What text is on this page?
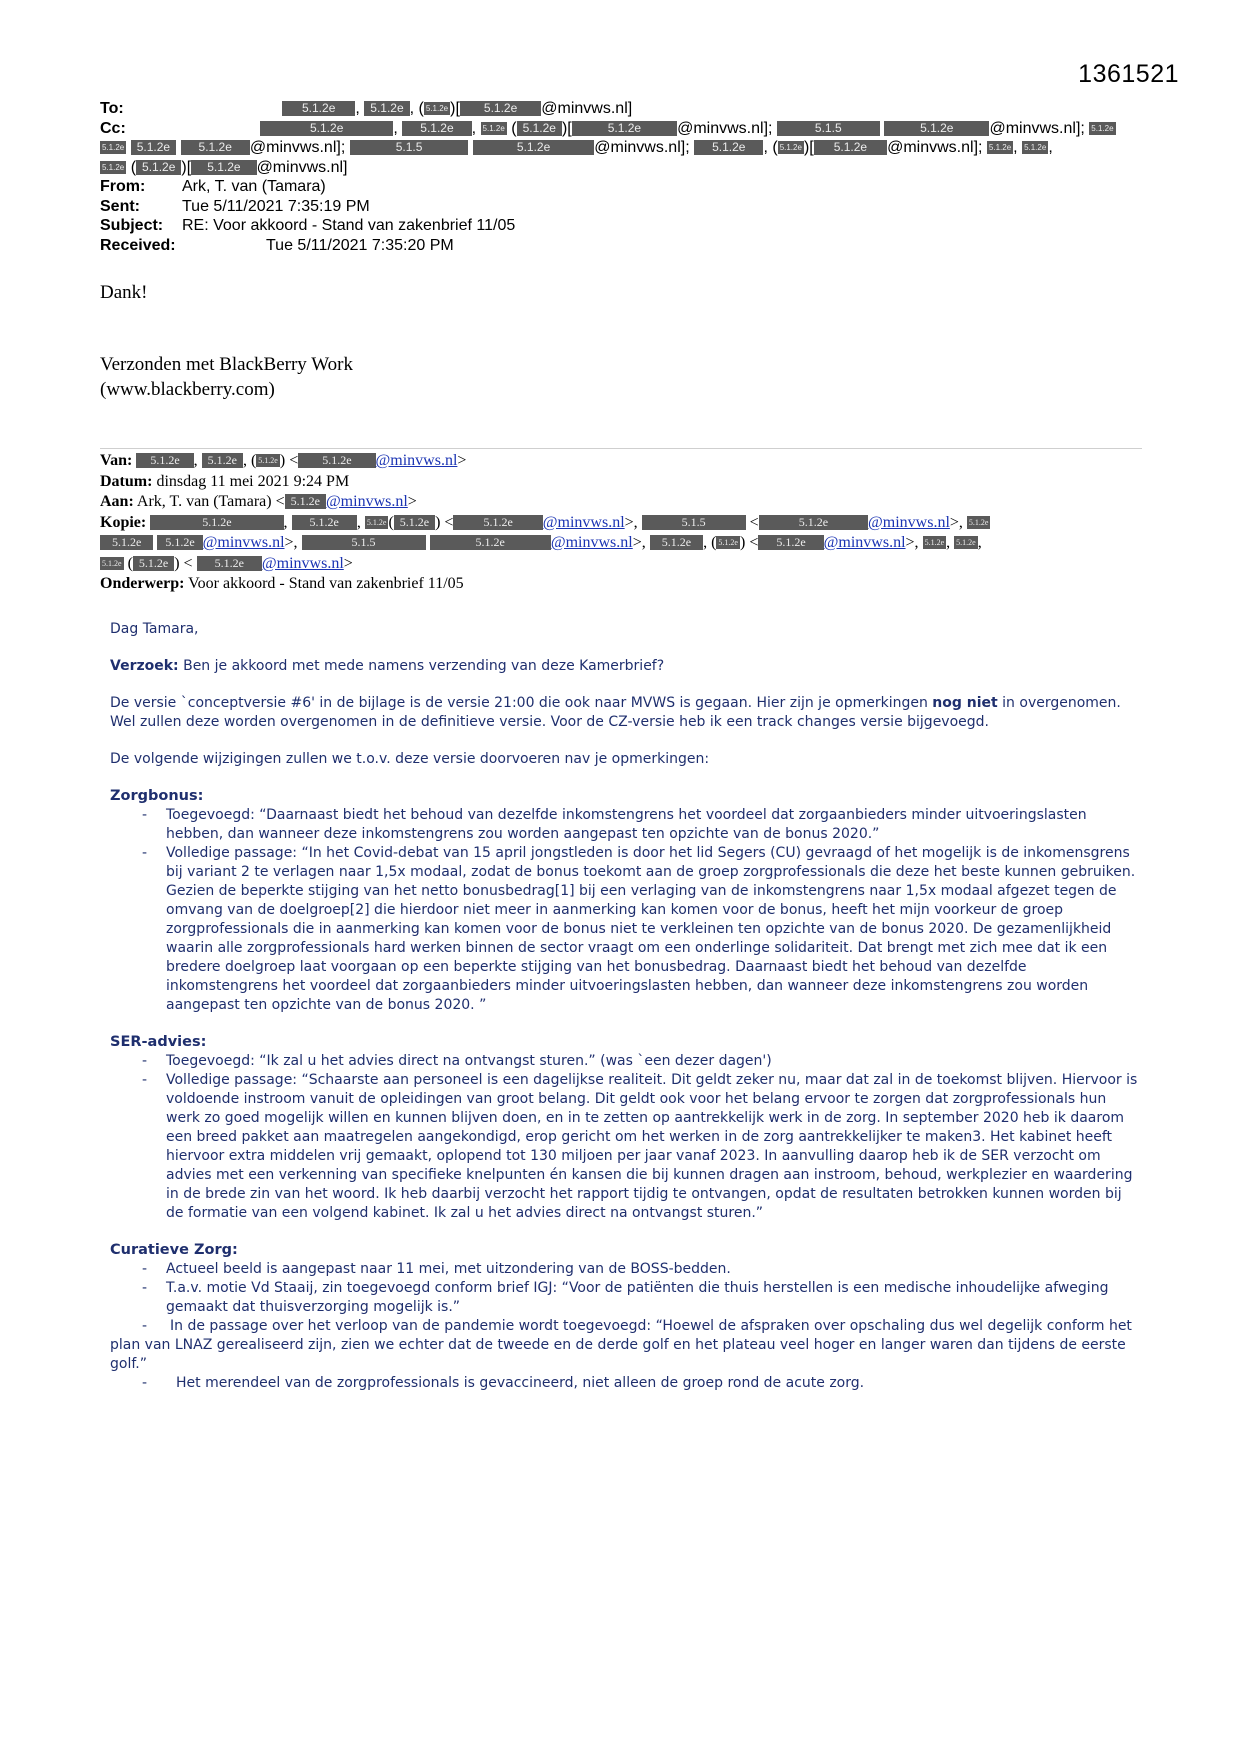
1361521
To:	5.1.2e , 5.1.2e , ( 5.1.2e )[ 5.1.2e @minvws.nl]
Cc:	5.1.2e	, 5.1.2e , 5.1.2e ( 5.1.2e )[	5.1.2e @minvws.nl];	5.1.5	5.1.2e @minvws.nl]; 5.1.2e
5.1.2e 5.1.2e 5.1.2e @minvws.nl];	5.1.5	5.1.2e	@minvws.nl]; 5.1.2e , ( 5.1.2e )[ 5.1.2e @minvws.nl]; 5.1.2e , 5.1.2e ,
5.1.2e ( 5.1.2e )[ 5.1.2e @minvws.nl]
From: Ark, T. van (Tamara)
Sent:	Tue 5/11/2021 7:35:19 PM
Subject: RE: Voor akkoord - Stand van zakenbrief 11/05
Received:	Tue 5/11/2021 7:35:20 PM
Dank!
Verzonden met BlackBerry Work
(www.blackberry.com)
Van: 5.1.2e , 5.1.2e , ( 5.1.2e ) < 5.1.2e @minvws.nl>
Datum: dinsdag 11 mei 2021 9:24 PM
Aan: Ark, T. van (Tamara) < 5.1.2e @minvws.nl>
Kopie:	5.1.2e	, 5.1.2e , 5.1.2e ( 5.1.2e ) <	5.1.2e @minvws.nl>,	5.1.5	<	5.1.2e	@minvws.nl>, 5.1.2e
5.1.2e 5.1.2e @minvws.nl>,	5.1.5	5.1.2e	@minvws.nl>, 5.1.2e , ( 5.1.2e ) < 5.1.2e @minvws.nl>, 5.1.2e , 5.1.2e ,
5.1.2e ( 5.1.2e ) < 5.1.2e @minvws.nl>
Onderwerp: Voor akkoord - Stand van zakenbrief 11/05

Dag Tamara,

Verzoek: Ben je akkoord met mede namens verzending van deze Kamerbrief?

De versie `conceptversie #6' in de bijlage is de versie 21:00 die ook naar MVWS is gegaan. Hier zijn je opmerkingen nog niet in overgenomen. Wel zullen deze worden overgenomen in de definitieve versie. Voor de CZ-versie heb ik een track changes versie bijgevoegd.

De volgende wijzigingen zullen we t.o.v. deze versie doorvoeren nav je opmerkingen:

Zorgbonus:
- Toegevoegd: “Daarnaast biedt het behoud van dezelfde inkomstengrens het voordeel dat zorgaanbieders minder uitvoeringslasten hebben, dan wanneer deze inkomstengrens zou worden aangepast ten opzichte van de bonus 2020.”
- Volledige passage: “In het Covid-debat van 15 april jongstleden is door het lid Segers (CU) gevraagd of het mogelijk is de inkomensgrens bij variant 2 te verlagen naar 1,5x modaal, zodat de bonus toekomt aan de groep zorgprofessionals die deze het beste kunnen gebruiken. Gezien de beperkte stijging van het netto bonusbedrag[1] bij een verlaging van de inkomstengrens naar 1,5x modaal afgezet tegen de omvang van de doelgroep[2] die hierdoor niet meer in aanmerking kan komen voor de bonus, heeft het mijn voorkeur de groep zorgprofessionals die in aanmerking kan komen voor de bonus niet te verkleinen ten opzichte van de bonus 2020. De gezamenlijkheid waarin alle zorgprofessionals hard werken binnen de sector vraagt om een onderlinge solidariteit. Dat brengt met zich mee dat ik een bredere doelgroep laat voorgaan op een beperkte stijging van het bonusbedrag. Daarnaast biedt het behoud van dezelfde inkomstengrens het voordeel dat zorgaanbieders minder uitvoeringslasten hebben, dan wanneer deze inkomstengrens zou worden aangepast ten opzichte van de bonus 2020. ”
SER-advies:
- Toegevoegd: “Ik zal u het advies direct na ontvangst sturen.” (was `een dezer dagen')
- Volledige passage: “Schaarste aan personeel is een dagelijkse realiteit. Dit geldt zeker nu, maar dat zal in de toekomst blijven. Hiervoor is voldoende instroom vanuit de opleidingen van groot belang. Dit geldt ook voor het belang ervoor te zorgen dat zorgprofessionals hun werk zo goed mogelijk willen en kunnen blijven doen, en in te zetten op aantrekkelijk werk in de zorg. In september 2020 heb ik daarom een breed pakket aan maatregelen aangekondigd, erop gericht om het werken in de zorg aantrekkelijker te maken3. Het kabinet heeft hiervoor extra middelen vrij gemaakt, oplopend tot 130 miljoen per jaar vanaf 2023. In aanvulling daarop heb ik de SER verzocht om advies met een verkenning van specifieke knelpunten én kansen die bij kunnen dragen aan instroom, behoud, werkplezier en waardering in de brede zin van het woord. Ik heb daarbij verzocht het rapport tijdig te ontvangen, opdat de resultaten betrokken kunnen worden bij de formatie van een volgend kabinet. Ik zal u het advies direct na ontvangst sturen.”
Curatieve Zorg:
- Actueel beeld is aangepast naar 11 mei, met uitzondering van de BOSS-bedden.
- T.a.v. motie Vd Staaij, zin toegevoegd conform brief IGJ: “Voor de patiënten die thuis herstellen is een medische inhoudelijke afweging gemaakt dat thuisverzorging mogelijk is.”
- In de passage over het verloop van de pandemie wordt toegevoegd: “Hoewel de afspraken over opschaling dus wel degelijk conform het plan van LNAZ gerealiseerd zijn, zien we echter dat de tweede en de derde golf en het plateau veel hoger en langer waren dan tijdens de eerste golf.”
- Het merendeel van de zorgprofessionals is gevaccineerd, niet alleen de groep rond de acute zorg.
